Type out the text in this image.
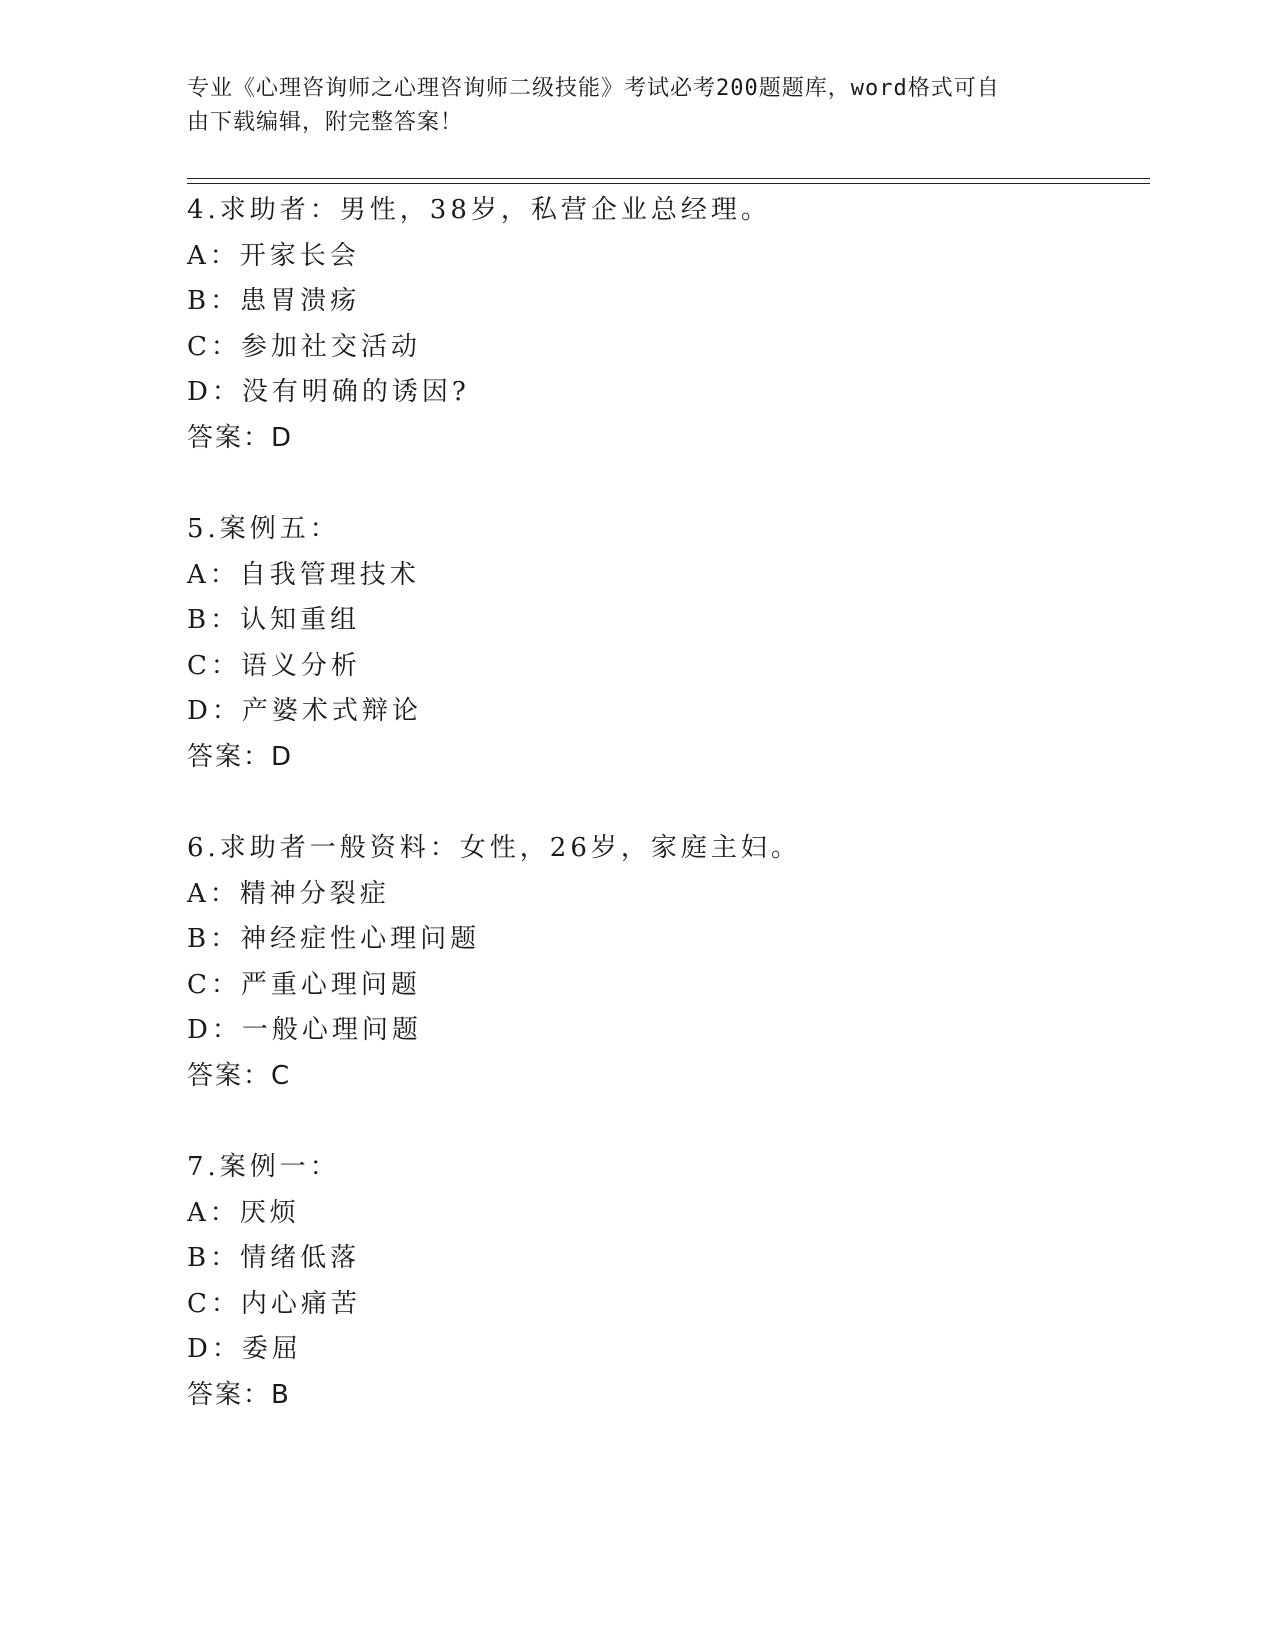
专业《心理咨询师之心理咨询师二级技能》考试必考200题题库，word格式可自
由下载编辑，附完整答案！
4.求助者：男性，38岁，私营企业总经理。
A：开家长会
B：患胃溃疡
C：参加社交活动
D：没有明确的诱因?
答案：D
5.案例五：
A：自我管理技术
B：认知重组
C：语义分析
D：产婆术式辩论
答案：D
6.求助者一般资料：女性，26岁，家庭主妇。
A：精神分裂症
B：神经症性心理问题
C：严重心理问题
D：一般心理问题
答案：C
7.案例一：
A：厌烦
B：情绪低落
C：内心痛苦
D：委屈
答案：B
